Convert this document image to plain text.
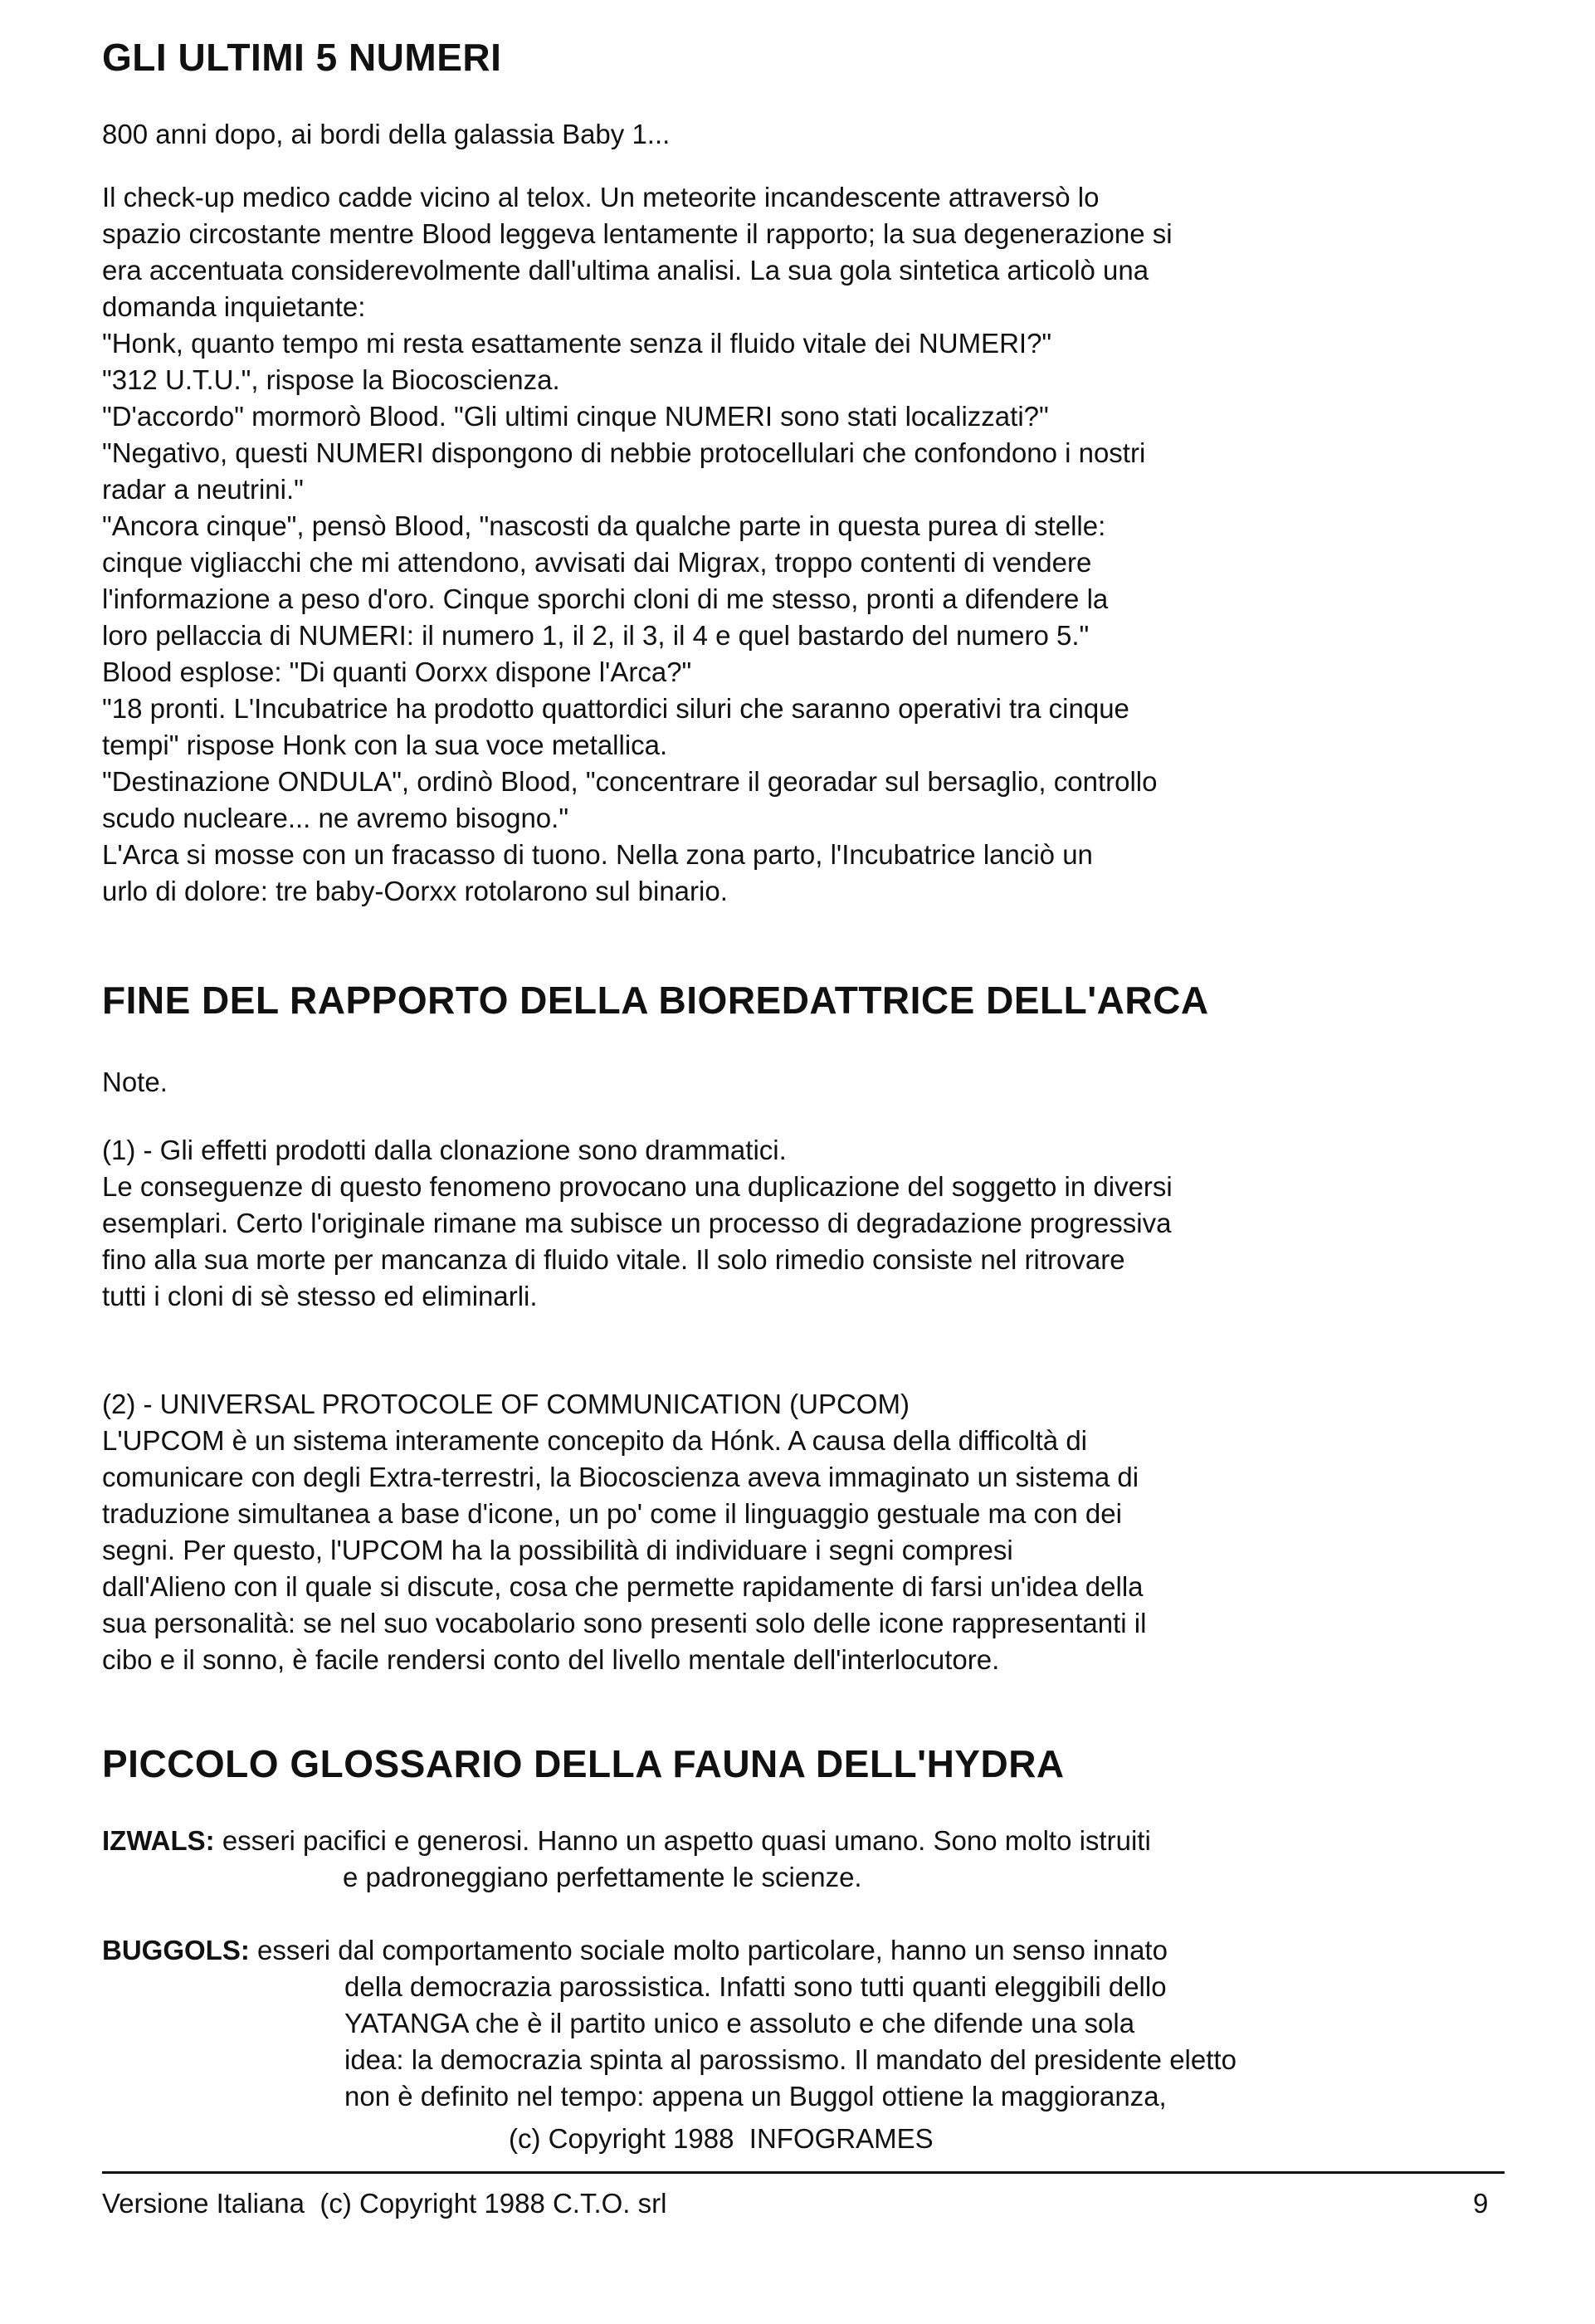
GLI ULTIMI 5 NUMERI

800 anni dopo, ai bordi della galassia Baby 1...

Il check-up medico cadde vicino al telox. Un meteorite incandescente attraversò lo
spazio circostante mentre Blood leggeva lentamente il rapporto; la sua degenerazione si
era accentuata considerevolmente dall'ultima analisi. La sua gola sintetica articolò una
domanda inquietante:
"Honk, quanto tempo mi resta esattamente senza il fluido vitale dei NUMERI?"
"312 U.T.U.", rispose la Biocoscienza.
"D'accordo" mormorò Blood. "Gli ultimi cinque NUMERI sono stati localizzati?"
"Negativo, questi NUMERI dispongono di nebbie protocellulari che confondono i nostri
radar a neutrini."
"Ancora cinque", pensò Blood, "nascosti da qualche parte in questa purea di stelle:
cinque vigliacchi che mi attendono, avvisati dai Migrax, troppo contenti di vendere
l'informazione a peso d'oro. Cinque sporchi cloni di me stesso, pronti a difendere la
loro pellaccia di NUMERI: il numero 1, il 2, il 3, il 4 e quel bastardo del numero 5."
Blood esplose: "Di quanti Oorxx dispone l'Arca?"
"18 pronti. L'Incubatrice ha prodotto quattordici siluri che saranno operativi tra cinque
tempi" rispose Honk con la sua voce metallica.
"Destinazione ONDULA", ordinò Blood, "concentrare il georadar sul bersaglio, controllo
scudo nucleare... ne avremo bisogno."
L'Arca si mosse con un fracasso di tuono. Nella zona parto, l'Incubatrice lanciò un
urlo di dolore: tre baby-Oorxx rotolarono sul binario.
FINE DEL RAPPORTO DELLA BIOREDATTRICE DELL'ARCA

Note.

(1) - Gli effetti prodotti dalla clonazione sono drammatici.
Le conseguenze di questo fenomeno provocano una duplicazione del soggetto in diversi
esemplari. Certo l'originale rimane ma subisce un processo di degradazione progressiva
fino alla sua morte per mancanza di fluido vitale. Il solo rimedio consiste nel ritrovare
tutti i cloni di sè stesso ed eliminarli.
(2) - UNIVERSAL PROTOCOLE OF COMMUNICATION (UPCOM)
L'UPCOM è un sistema interamente concepito da Hónk. A causa della difficoltà di
comunicare con degli Extra-terrestri, la Biocoscienza aveva immaginato un sistema di
traduzione simultanea a base d'icone, un po' come il linguaggio gestuale ma con dei
segni. Per questo, l'UPCOM ha la possibilità di individuare i segni compresi
dall'Alieno con il quale si discute, cosa che permette rapidamente di farsi un'idea della
sua personalità: se nel suo vocabolario sono presenti solo delle icone rappresentanti il
cibo e il sonno, è facile rendersi conto del livello mentale dell'interlocutore.
PICCOLO GLOSSARIO DELLA FAUNA DELL'HYDRA
IZWALS: esseri pacifici e generosi. Hanno un aspetto quasi umano. Sono molto istruiti
e padroneggiano perfettamente le scienze.
BUGGOLS: esseri dal comportamento sociale molto particolare, hanno un senso innato
della democrazia parossistica. Infatti sono tutti quanti eleggibili dello
YATANGA che è il partito unico e assoluto e che difende una sola
idea: la democrazia spinta al parossismo. Il mandato del presidente eletto
non è definito nel tempo: appena un Buggol ottiene la maggioranza,
(c) Copyright 1988  INFOGRAMES
Versione Italiana  (c) Copyright 1988 C.T.O. srl	9
